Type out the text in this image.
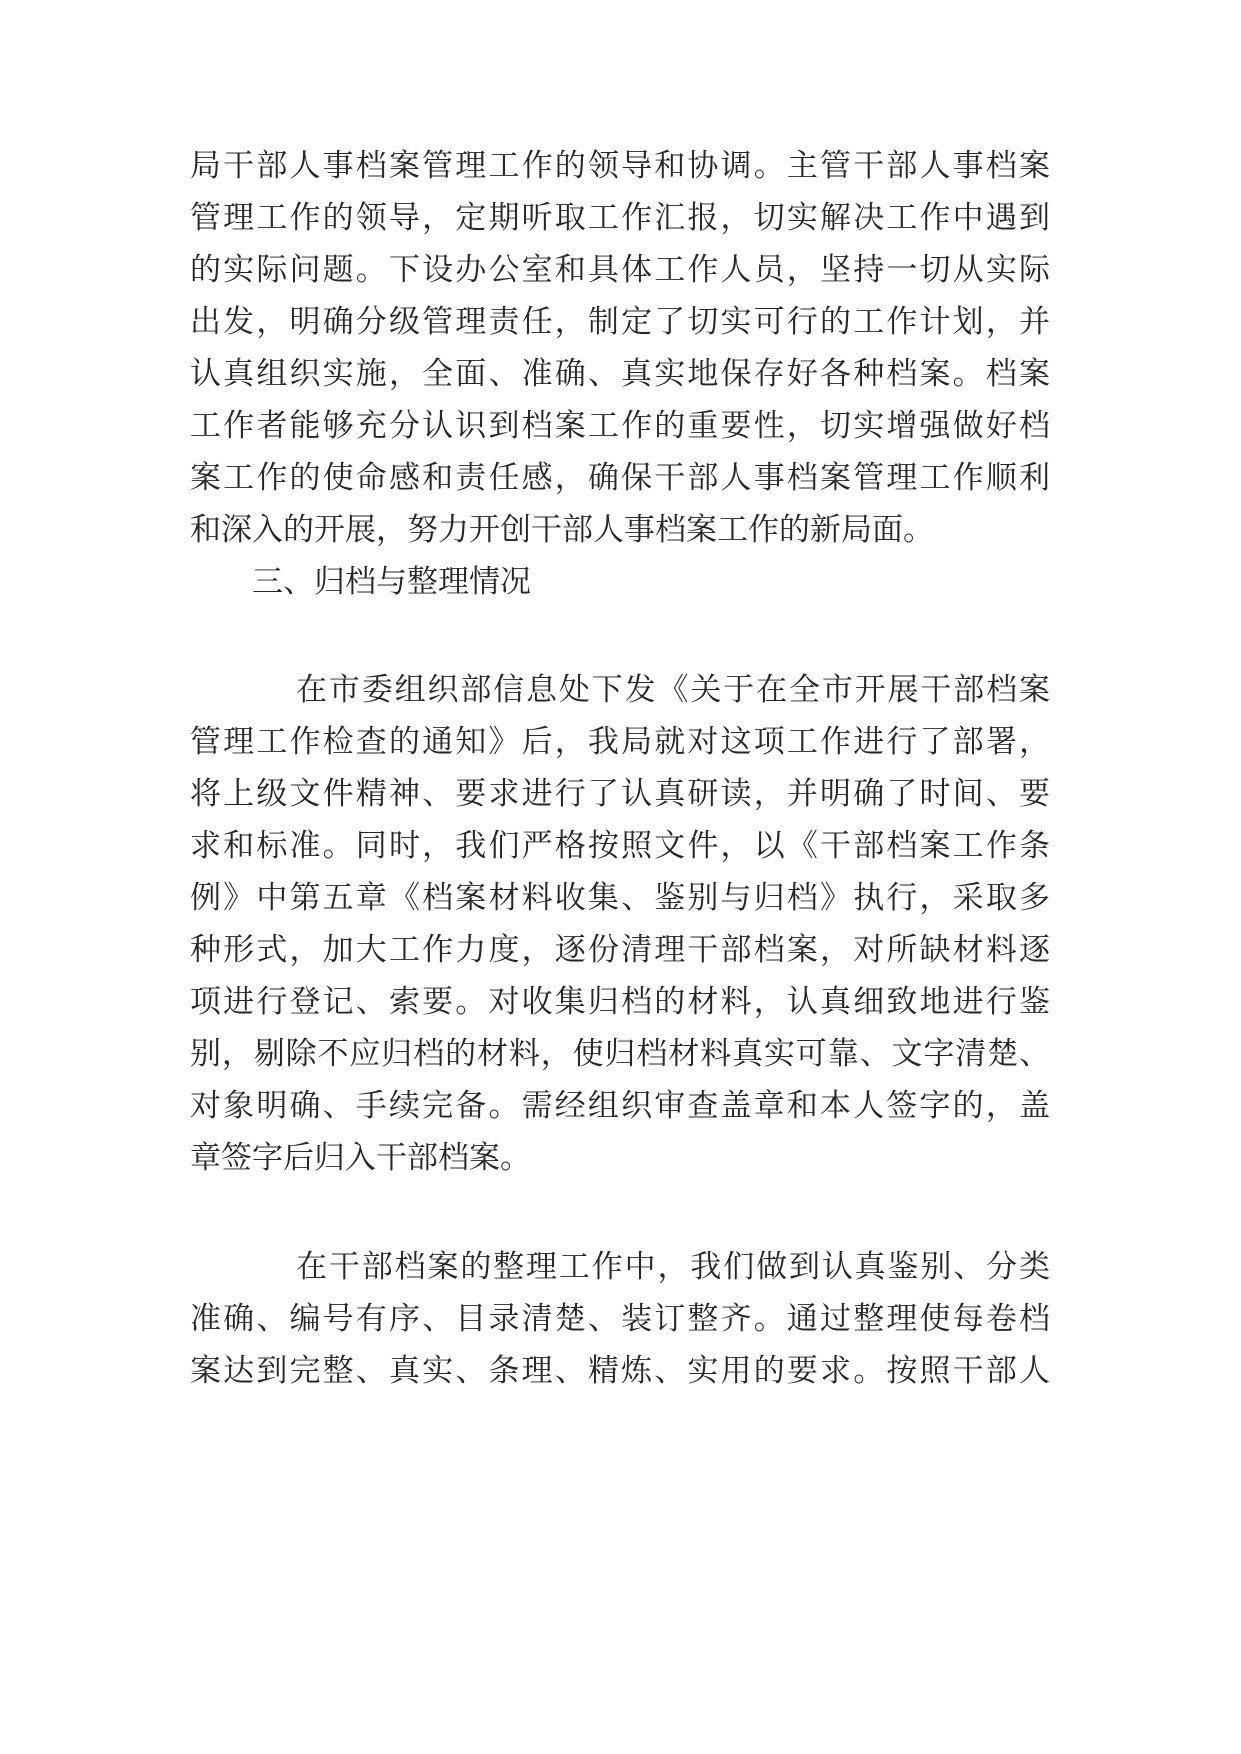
局干部人事档案管理工作的领导和协调。主管干部人事档案
管理工作的领导，定期听取工作汇报，切实解决工作中遇到
的实际问题。下设办公室和具体工作人员，坚持一切从实际
出发，明确分级管理责任，制定了切实可行的工作计划，并
认真组织实施，全面、准确、真实地保存好各种档案。档案
工作者能够充分认识到档案工作的重要性，切实增强做好档
案工作的使命感和责任感，确保干部人事档案管理工作顺利
和深入的开展，努力开创干部人事档案工作的新局面。
三、归档与整理情况
在市委组织部信息处下发《关于在全市开展干部档案
管理工作检查的通知》后，我局就对这项工作进行了部署，
将上级文件精神、要求进行了认真研读，并明确了时间、要
求和标准。同时，我们严格按照文件，以《干部档案工作条
例》中第五章《档案材料收集、鉴别与归档》执行，采取多
种形式，加大工作力度，逐份清理干部档案，对所缺材料逐
项进行登记、索要。对收集归档的材料，认真细致地进行鉴
别，剔除不应归档的材料，使归档材料真实可靠、文字清楚、
对象明确、手续完备。需经组织审查盖章和本人签字的，盖
章签字后归入干部档案。
在干部档案的整理工作中，我们做到认真鉴别、分类
准确、编号有序、目录清楚、装订整齐。通过整理使每卷档
案达到完整、真实、条理、精炼、实用的要求。按照干部人
